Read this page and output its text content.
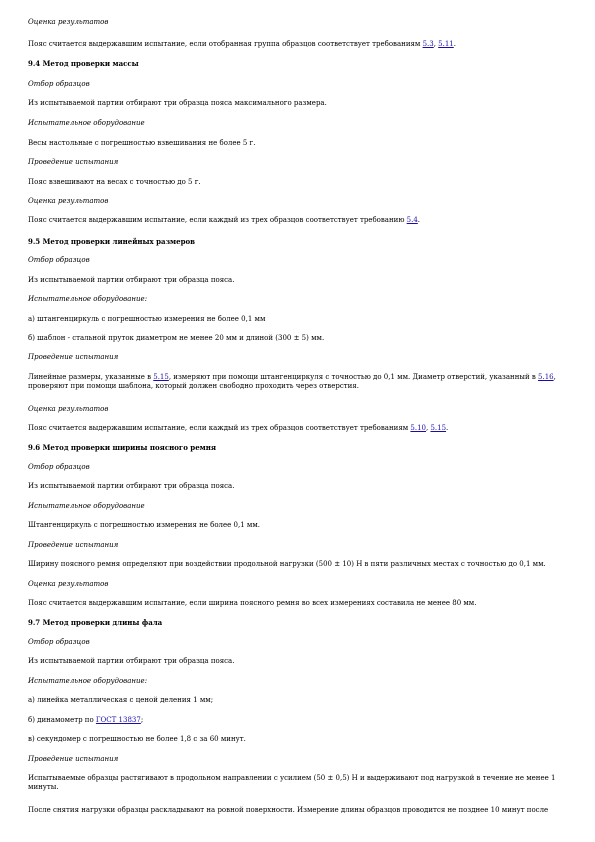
Оценка результатов
Пояс считается выдержавшим испытание, если отобранная группа образцов соответствует требованиям 5.3, 5.11.
9.4 Метод проверки массы
Отбор образцов
Из испытываемой партии отбирают три образца пояса максимального размера.
Испытательное оборудование
Весы настольные с погрешностью взвешивания не более 5 г.
Проведение испытания
Пояс взвешивают на весах с точностью до 5 г.
Оценка результатов
Пояс считается выдержавшим испытание, если каждый из трех образцов соответствует требованию 5.4.
9.5 Метод проверки линейных размеров
Отбор образцов
Из испытываемой партии отбирают три образца пояса.
Испытательное оборудование:
а) штангенциркуль с погрешностью измерения не более 0,1 мм
б) шаблон - стальной пруток диаметром не менее 20 мм и длиной (300 ± 5) мм.
Проведение испытания
Линейные размеры, указанные в 5.15, измеряют при помощи штангенциркуля с точностью до 0,1 мм. Диаметр отверстий, указанный в 5.16, проверяют при помощи шаблона, который должен свободно проходить через отверстия.
Оценка результатов
Пояс считается выдержавшим испытание, если каждый из трех образцов соответствует требованиям 5.10, 5.15.
9.6 Метод проверки ширины поясного ремня
Отбор образцов
Из испытываемой партии отбирают три образца пояса.
Испытательное оборудование
Штангенциркуль с погрешностью измерения не более 0,1 мм.
Проведение испытания
Ширину поясного ремня определяют при воздействии продольной нагрузки (500 ± 10) Н в пяти различных местах с точностью до 0,1 мм.
Оценка результатов
Пояс считается выдержавшим испытание, если ширина поясного ремня во всех измерениях составила не менее 80 мм.
9.7 Метод проверки длины фала
Отбор образцов
Из испытываемой партии отбирают три образца пояса.
Испытательное оборудование:
а) линейка металлическая с ценой деления 1 мм;
б) динамометр по ГОСТ 13837;
в) секундомер с погрешностью не более 1,8 с за 60 минут.
Проведение испытания
Испытываемые образцы растягивают в продольном направлении с усилием (50 ± 0,5) Н и выдерживают под нагрузкой в течение не менее 1 минуты.
После снятия нагрузки образцы раскладывают на ровной поверхности. Измерение длины образцов проводится не позднее 10 минут после
